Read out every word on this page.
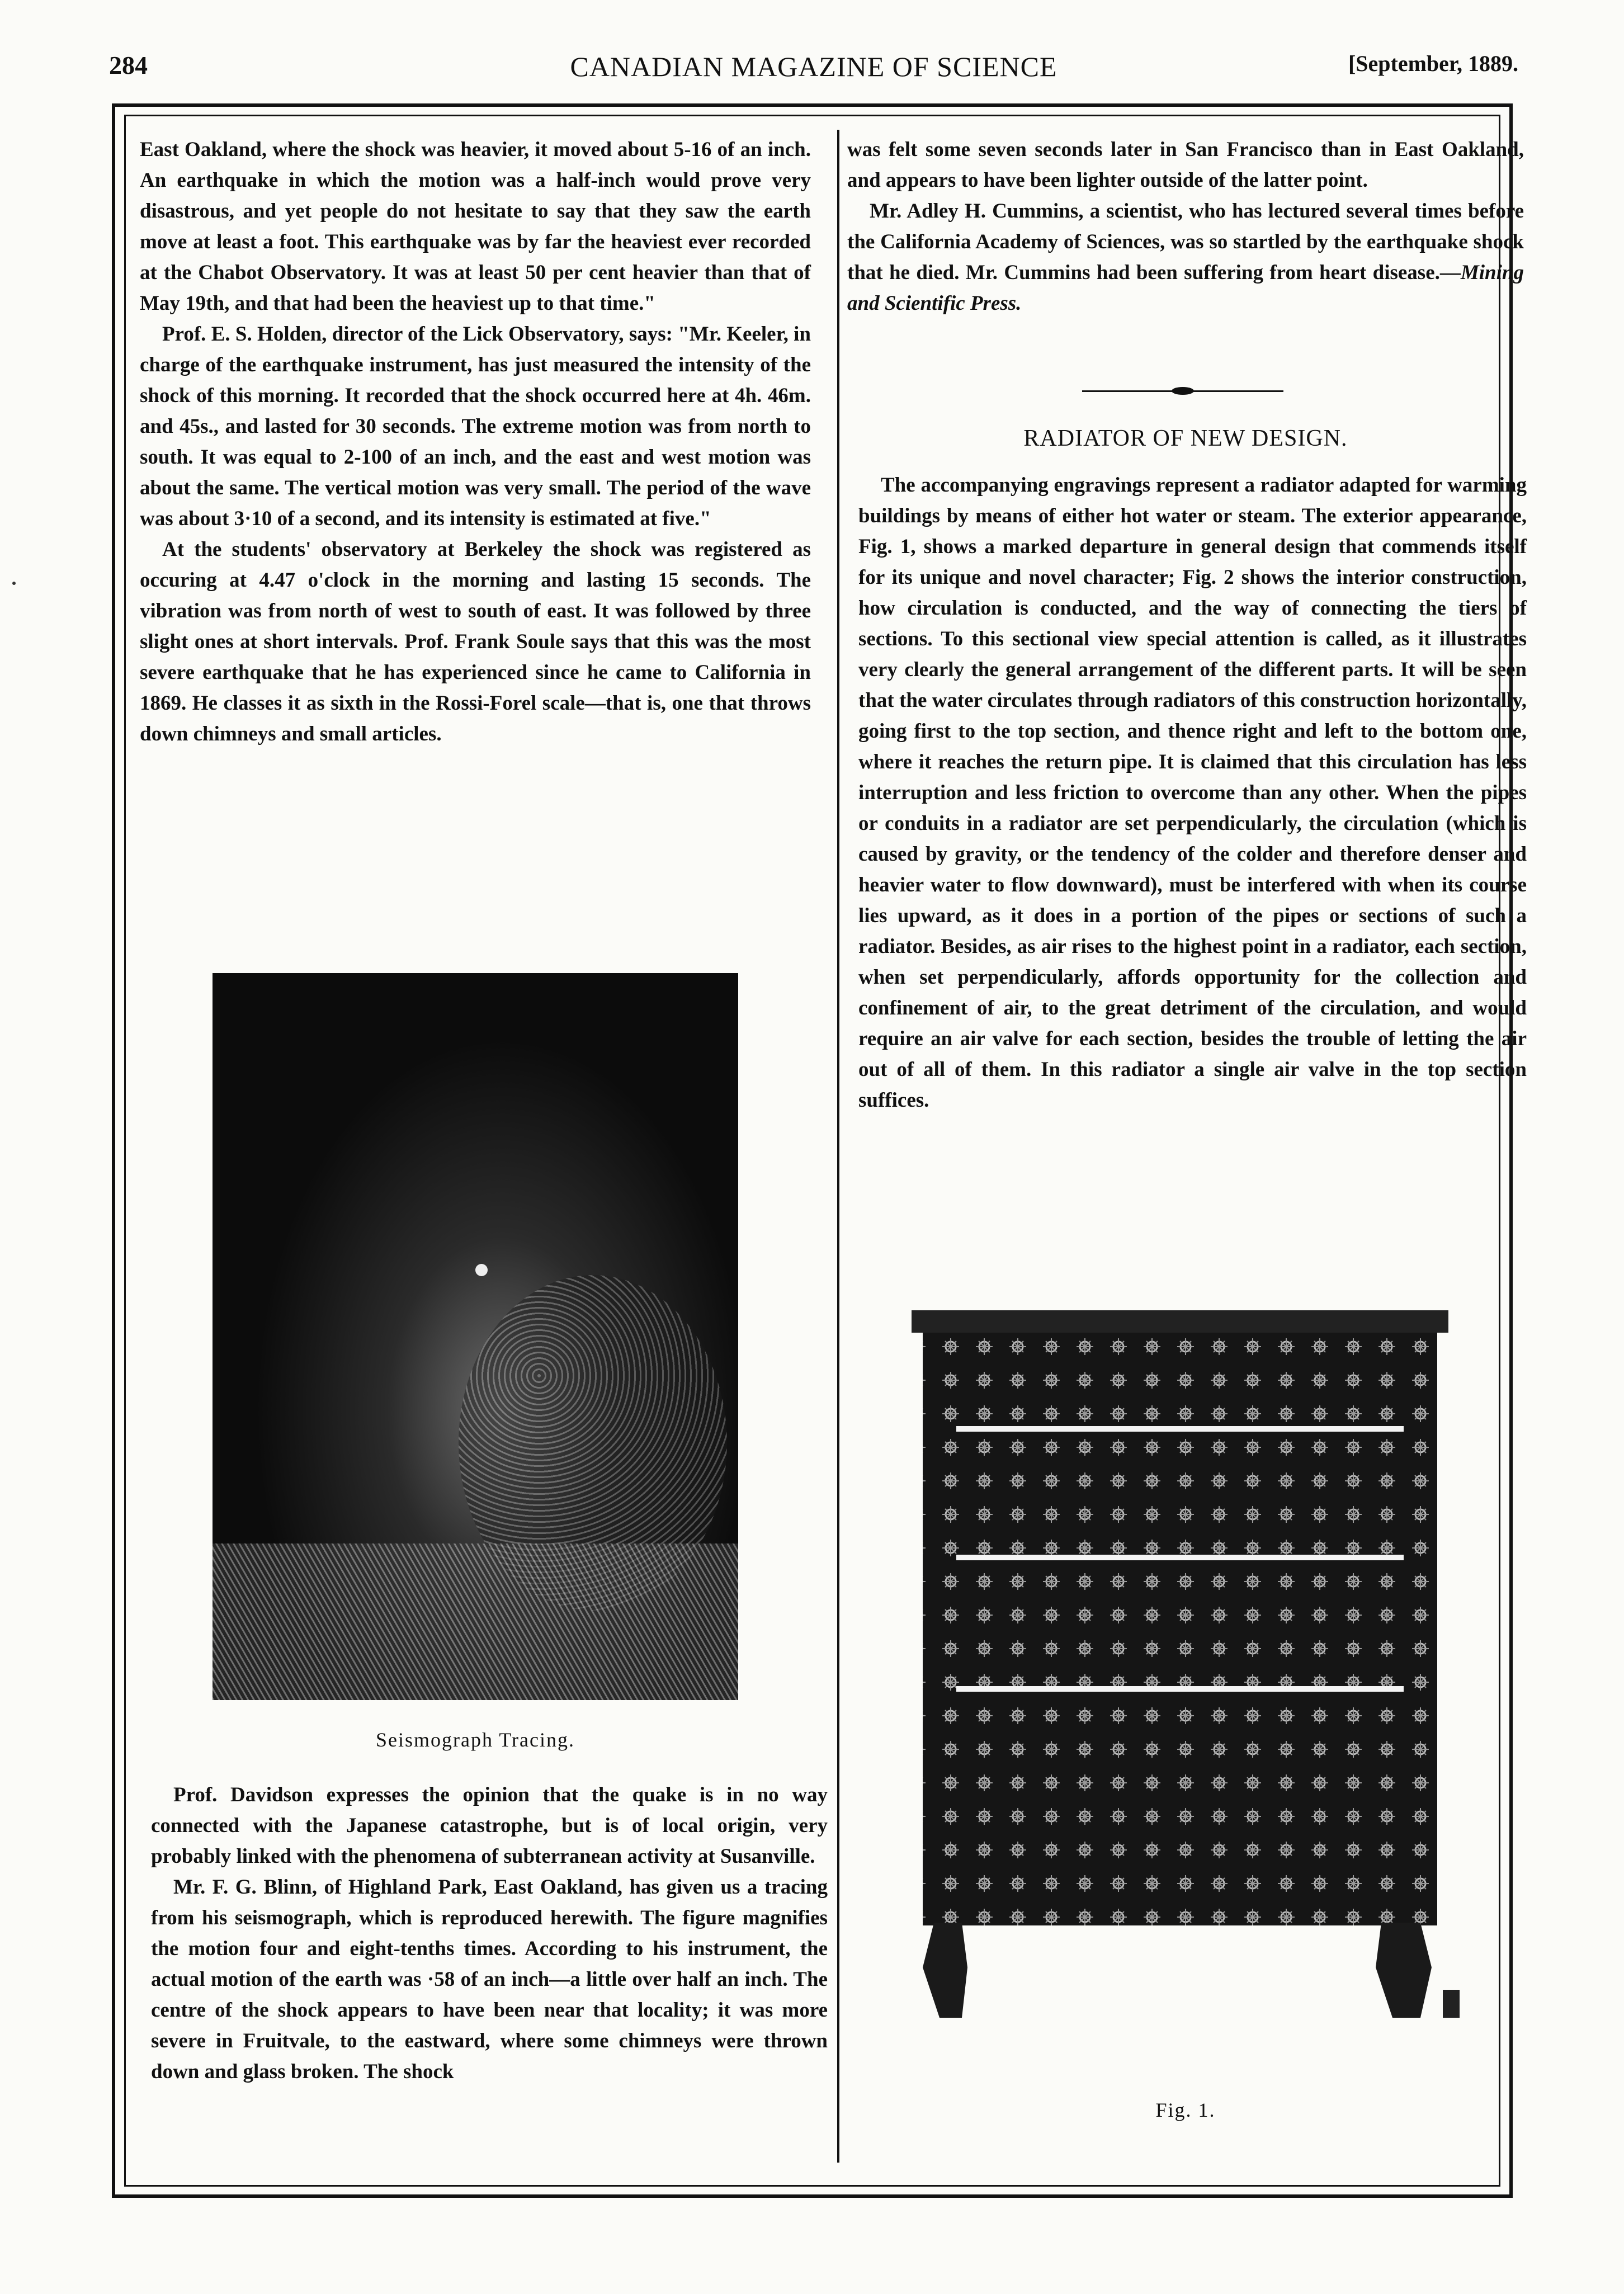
284	CANADIAN MAGAZINE OF SCIENCE	[September, 1889.

East Oakland, where the shock was heavier, it moved about 5-16 of an inch. An earthquake in which the motion was a half-inch would prove very disastrous, and yet people do not hesitate to say that they saw the earth move at least a foot. This earthquake was by far the heaviest ever recorded at the Chabot Observatory. It was at least 50 per cent heavier than that of May 19th, and that had been the heaviest up to that time."

Prof. E. S. Holden, director of the Lick Observatory, says: "Mr. Keeler, in charge of the earthquake instrument, has just measured the intensity of the shock of this morning. It recorded that the shock occurred here at 4h. 46m. and 45s., and lasted for 30 seconds. The extreme motion was from north to south. It was equal to 2-100 of an inch, and the east and west motion was about the same. The vertical motion was very small. The period of the wave was about 3·10 of a second, and its intensity is estimated at five."

At the students' observatory at Berkeley the shock was registered as occuring at 4.47 o'clock in the morning and lasting 15 seconds. The vibration was from north of west to south of east. It was followed by three slight ones at short intervals. Prof. Frank Soule says that this was the most severe earthquake that he has experienced since he came to California in 1869. He classes it as sixth in the Rossi-Forel scale—that is, one that throws down chimneys and small articles.

Seismograph Tracing.

Prof. Davidson expresses the opinion that the quake is in no way connected with the Japanese catastrophe, but is of local origin, very probably linked with the phenomena of subterranean activity at Susanville.

Mr. F. G. Blinn, of Highland Park, East Oakland, has given us a tracing from his seismograph, which is reproduced herewith. The figure magnifies the motion four and eight-tenths times. According to his instrument, the actual motion of the earth was ·58 of an inch—a little over half an inch. The centre of the shock appears to have been near that locality; it was more severe in Fruitvale, to the eastward, where some chimneys were thrown down and glass broken. The shock

was felt some seven seconds later in San Francisco than in East Oakland, and appears to have been lighter outside of the latter point.

Mr. Adley H. Cummins, a scientist, who has lectured several times before the California Academy of Sciences, was so startled by the earthquake shock that he died. Mr. Cummins had been suffering from heart disease.—Mining and Scientific Press.

RADIATOR OF NEW DESIGN.

The accompanying engravings represent a radiator adapted for warming buildings by means of either hot water or steam. The exterior appearance, Fig. 1, shows a marked departure in general design that commends itself for its unique and novel character; Fig. 2 shows the interior construction, how circulation is conducted, and the way of connecting the tiers of sections. To this sectional view special attention is called, as it illustrates very clearly the general arrangement of the different parts. It will be seen that the water circulates through radiators of this construction horizontally, going first to the top section, and thence right and left to the bottom one, where it reaches the return pipe. It is claimed that this circulation has less interruption and less friction to overcome than any other. When the pipes or conduits in a radiator are set perpendicularly, the circulation (which is caused by gravity, or the tendency of the colder and therefore denser and heavier water to flow downward), must be interfered with when its course lies upward, as it does in a portion of the pipes or sections of such a radiator. Besides, as air rises to the highest point in a radiator, each section, when set perpendicularly, affords opportunity for the collection and confinement of air, to the great detriment of the circulation, and would require an air valve for each section, besides the trouble of letting the air out of all of them. In this radiator a single air valve in the top section suffices.

Fig. 1.
